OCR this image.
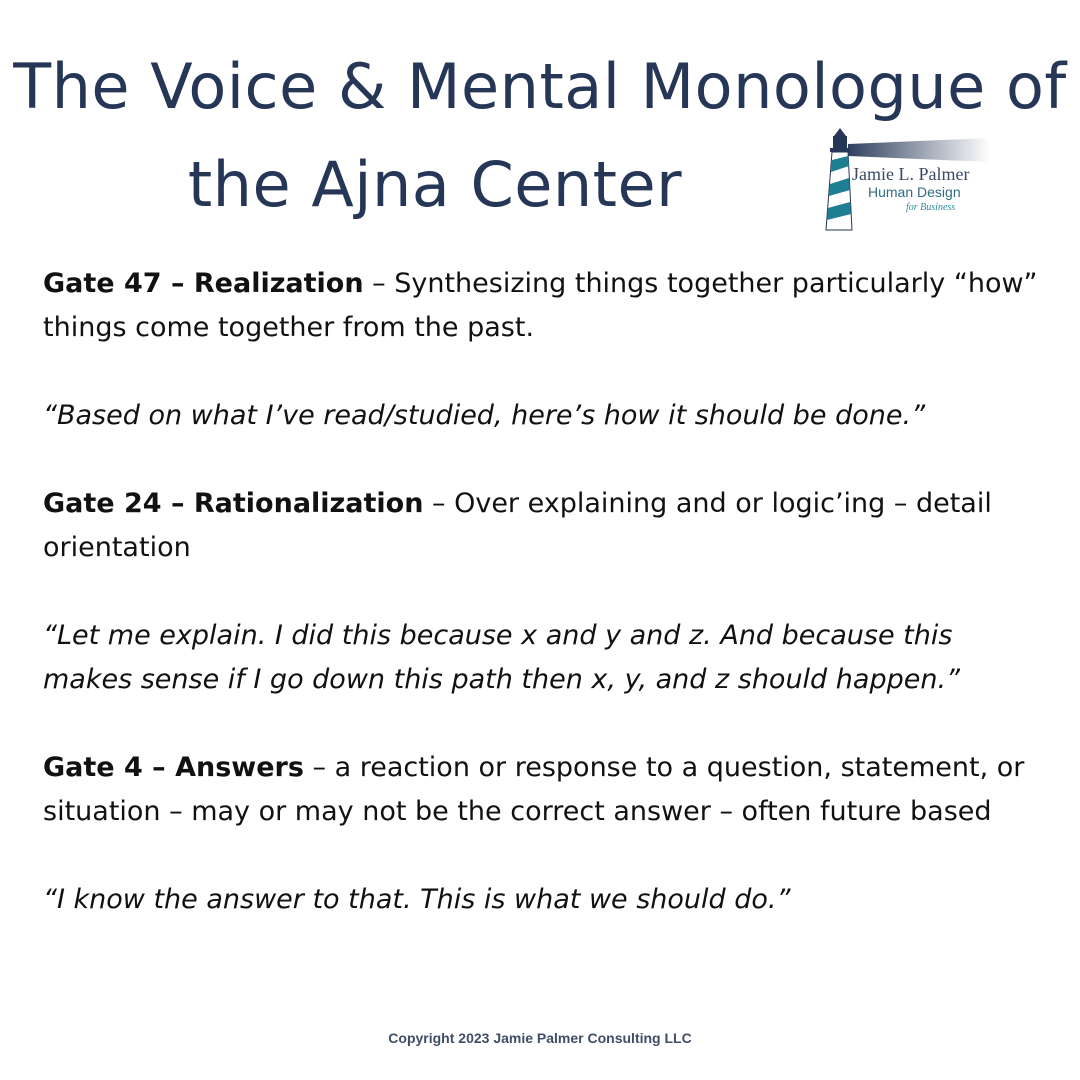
The Voice & Mental Monologue of
the Ajna Center	Jamie L. Palmer
Human Design
for Business

Gate 47 – Realization – Synthesizing things together particularly “how” things come together from the past.

“Based on what I’ve read/studied, here’s how it should be done.”

Gate 24 – Rationalization – Over explaining and or logic’ing – detail orientation

“Let me explain. I did this because x and y and z. And because this makes sense if I go down this path then x, y, and z should happen.”

Gate 4 – Answers – a reaction or response to a question, statement, or situation – may or may not be the correct answer – often future based

“I know the answer to that. This is what we should do.”

Copyright 2023 Jamie Palmer Consulting LLC
